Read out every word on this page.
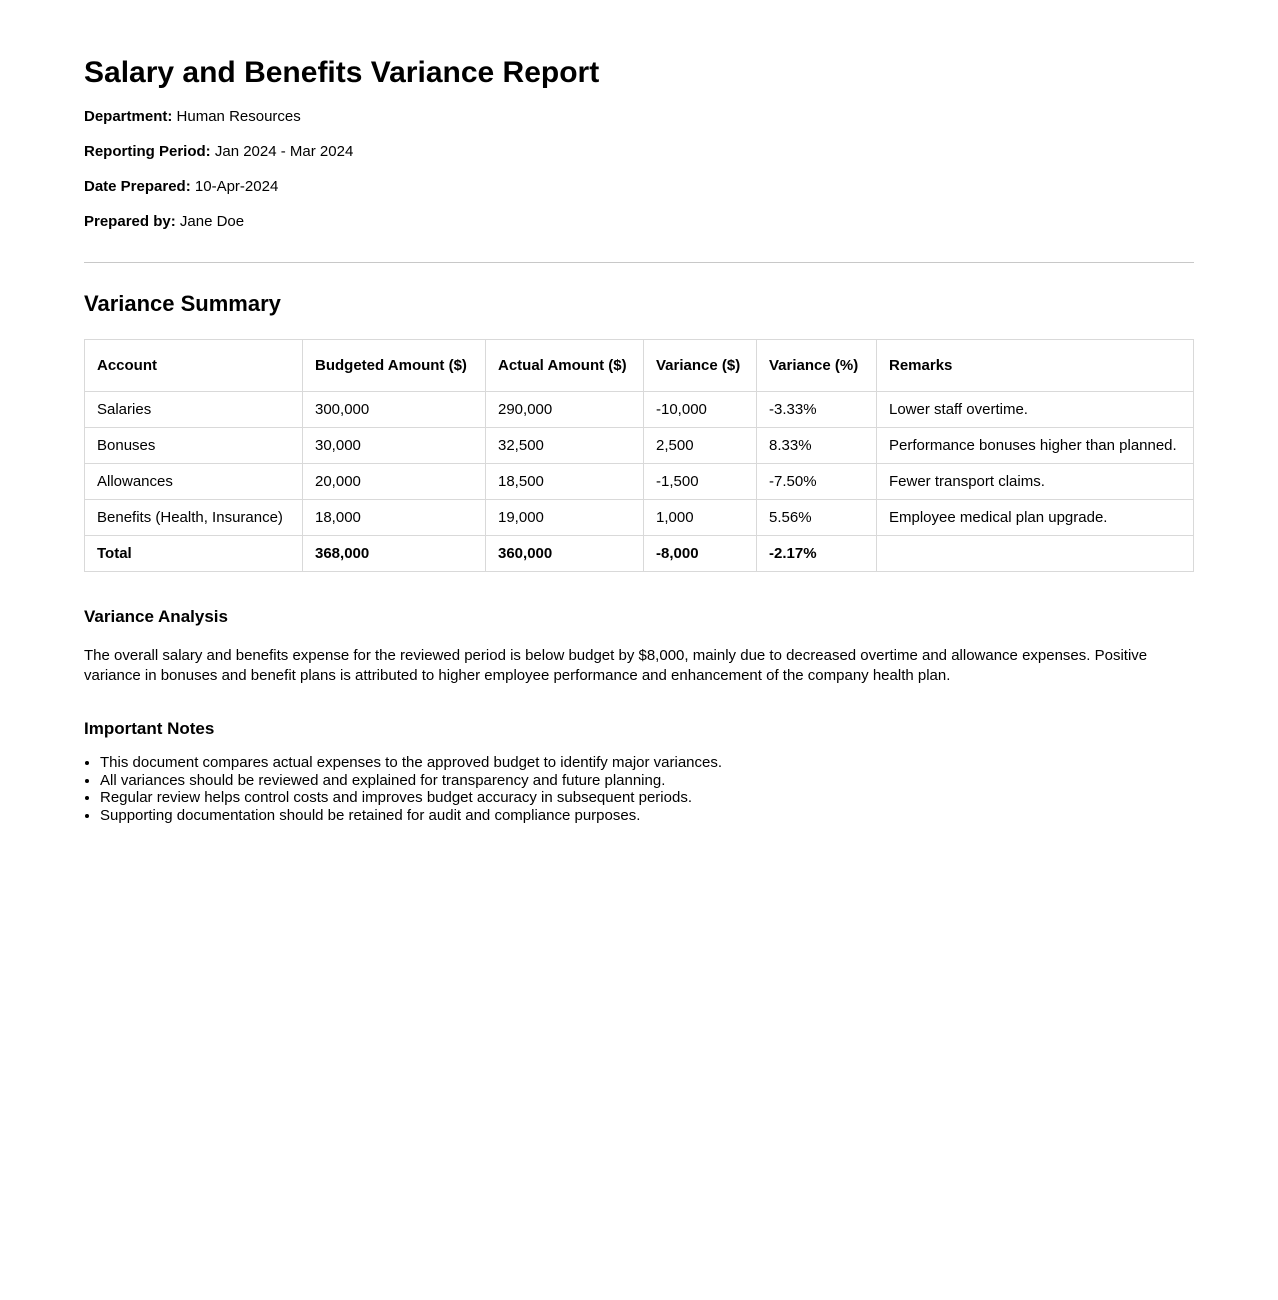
Salary and Benefits Variance Report

Department: Human Resources

Reporting Period: Jan 2024 - Mar 2024

Date Prepared: 10-Apr-2024

Prepared by: Jane Doe

Variance Summary
Account	Budgeted Amount ($)	Actual Amount ($)	Variance ($)	Variance (%)	Remarks
Salaries	300,000	290,000	-10,000	-3.33%	Lower staff overtime.
Bonuses	30,000	32,500	2,500	8.33%	Performance bonuses higher than planned.
Allowances	20,000	18,500	-1,500	-7.50%	Fewer transport claims.
Benefits (Health, Insurance)	18,000	19,000	1,000	5.56%	Employee medical plan upgrade.
Total	368,000	360,000	-8,000	-2.17%	
Variance Analysis

The overall salary and benefits expense for the reviewed period is below budget by $8,000, mainly due to decreased overtime and allowance expenses. Positive variance in bonuses and benefit plans is attributed to higher employee performance and enhancement of the company health plan.

Important Notes
• This document compares actual expenses to the approved budget to identify major variances.
• All variances should be reviewed and explained for transparency and future planning.
• Regular review helps control costs and improves budget accuracy in subsequent periods.
• Supporting documentation should be retained for audit and compliance purposes.
